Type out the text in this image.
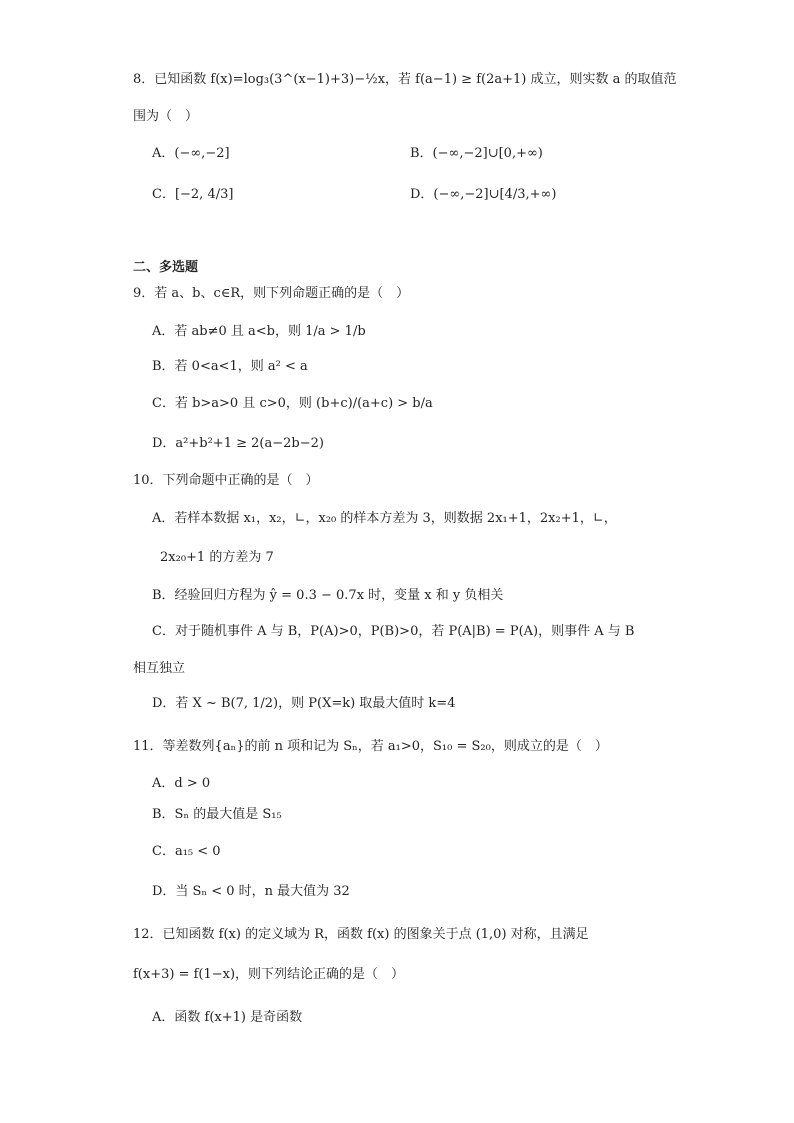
8．已知函数 f(x)=log₃(3^(x−1)+3)−½x，若 f(a−1) ≥ f(2a+1) 成立，则实数 a 的取值范
围为（　）
A．(−∞,−2]	B．(−∞,−2]∪[0,+∞)
C．[−2, 4/3]	D．(−∞,−2]∪[4/3,+∞)
二、多选题
9．若 a、b、c∈R，则下列命题正确的是（　）
A．若 ab≠0 且 a<b，则 1/a > 1/b
B．若 0<a<1，则 a² < a
C．若 b>a>0 且 c>0，则 (b+c)/(a+c) > b/a
D．a²+b²+1 ≥ 2(a−2b−2)
10．下列命题中正确的是（　）
A．若样本数据 x₁，x₂，∟，x₂₀ 的样本方差为 3，则数据 2x₁+1，2x₂+1，∟，
2x₂₀+1 的方差为 7
B．经验回归方程为 ŷ = 0.3 − 0.7x 时，变量 x 和 y 负相关
C．对于随机事件 A 与 B，P(A)>0，P(B)>0，若 P(A|B) = P(A)，则事件 A 与 B
相互独立
D．若 X ~ B(7, 1/2)，则 P(X=k) 取最大值时 k=4
11．等差数列{aₙ}的前 n 项和记为 Sₙ，若 a₁>0，S₁₀ = S₂₀，则成立的是（　）
A．d > 0
B．Sₙ 的最大值是 S₁₅
C．a₁₅ < 0
D．当 Sₙ < 0 时，n 最大值为 32
12．已知函数 f(x) 的定义域为 R，函数 f(x) 的图象关于点 (1,0) 对称，且满足
f(x+3) = f(1−x)，则下列结论正确的是（　）
A．函数 f(x+1) 是奇函数
